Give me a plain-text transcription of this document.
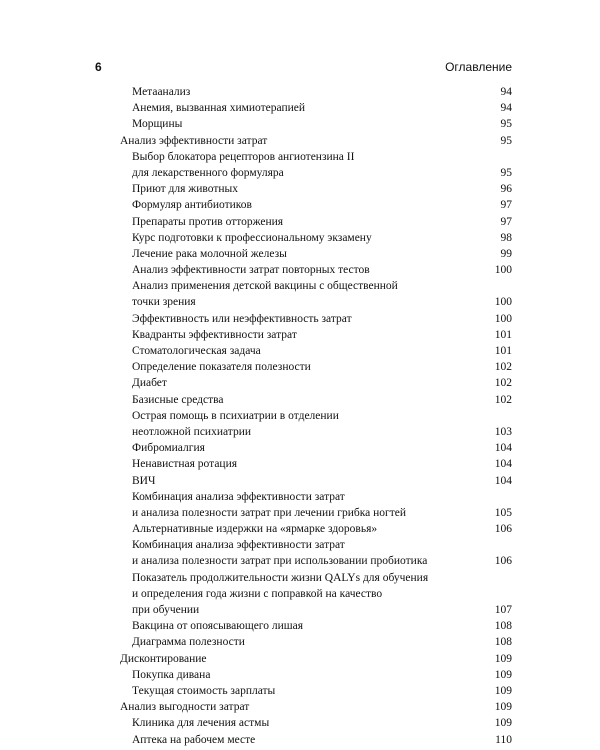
6	Оглавление
Метаанализ	94
Анемия, вызванная химиотерапией	94
Морщины	95
Анализ эффективности затрат	95
Выбор блокатора рецепторов ангиотензина II
для лекарственного формуляра	95
Приют для животных	96
Формуляр антибиотиков	97
Препараты против отторжения	97
Курс подготовки к профессиональному экзамену	98
Лечение рака молочной железы	99
Анализ эффективности затрат повторных тестов	100
Анализ применения детской вакцины с общественной
точки зрения	100
Эффективность или неэффективность затрат	100
Квадранты эффективности затрат	101
Стоматологическая задача	101
Определение показателя полезности	102
Диабет	102
Базисные средства	102
Острая помощь в психиатрии в отделении
неотложной психиатрии	103
Фибромиалгия	104
Ненавистная ротация	104
ВИЧ	104
Комбинация анализа эффективности затрат
и анализа полезности затрат при лечении грибка ногтей	105
Альтернативные издержки на «ярмарке здоровья»	106
Комбинация анализа эффективности затрат
и анализа полезности затрат при использовании пробиотика	106
Показатель продолжительности жизни QALYs для обучения
и определения года жизни с поправкой на качество
при обучении	107
Вакцина от опоясывающего лишая	108
Диаграмма полезности	108
Дисконтирование	109
Покупка дивана	109
Текущая стоимость зарплаты	109
Анализ выгодности затрат	109
Клиника для лечения астмы	109
Аптека на рабочем месте	110
